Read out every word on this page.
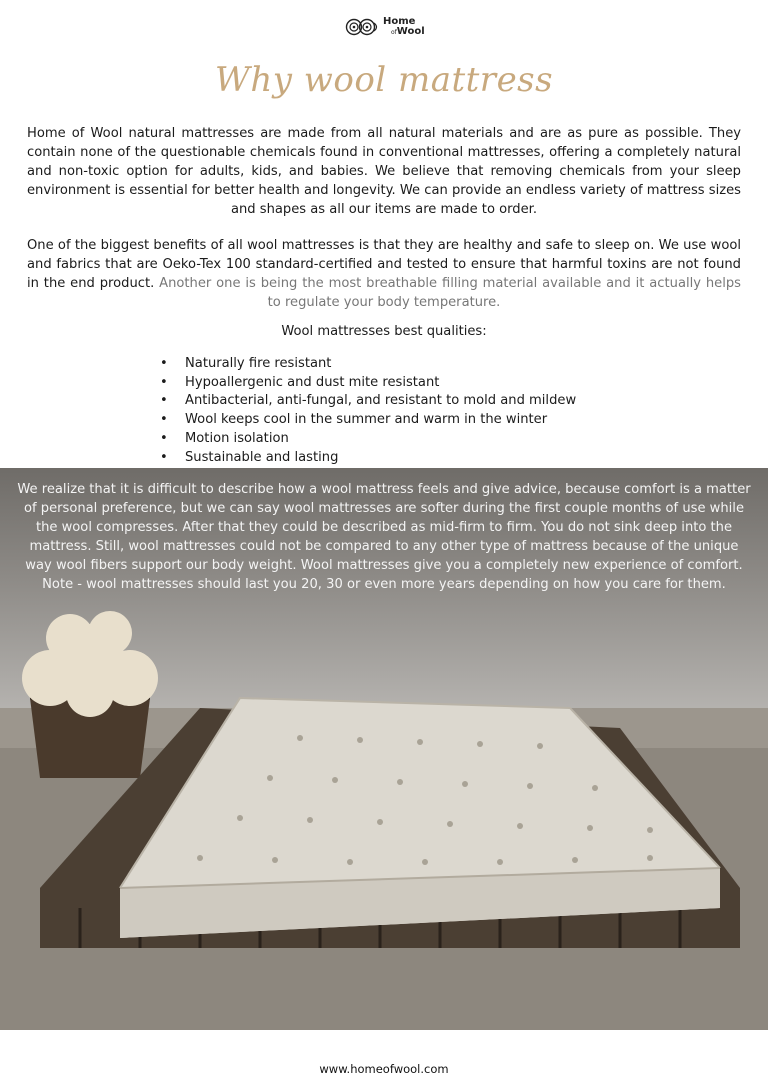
Home
ofWool
Why wool mattress
Home of Wool natural mattresses are made from all natural materials and are as pure as possible. They contain none of the questionable chemicals found in conventional mattresses, offering a completely natural and non-toxic option for adults, kids, and babies. We believe that removing chemicals from your sleep environment is essential for better health and longevity. We can provide an endless variety of mattress sizes and shapes as all our items are made to order.
One of the biggest benefits of all wool mattresses is that they are healthy and safe to sleep on. We use wool and fabrics that are Oeko-Tex 100 standard-certified and tested to ensure that harmful toxins are not found in the end product. Another one is being the most breathable filling material available and it actually helps to regulate your body temperature.
Wool mattresses best qualities:
• Naturally fire resistant
• Hypoallergenic and dust mite resistant
• Antibacterial, anti-fungal, and resistant to mold and mildew
• Wool keeps cool in the summer and warm in the winter
• Motion isolation
• Sustainable and lasting
We realize that it is difficult to describe how a wool mattress feels and give advice, because comfort is a matter of personal preference, but we can say wool mattresses are softer during the first couple months of use while the wool compresses. After that they could be described as mid-firm to firm. You do not sink deep into the mattress. Still, wool mattresses could not be compared to any other type of mattress because of the unique way wool fibers support our body weight. Wool mattresses give you a completely new experience of comfort. Note - wool mattresses should last you 20, 30 or even more years depending on how you care for them.
www.homeofwool.com
